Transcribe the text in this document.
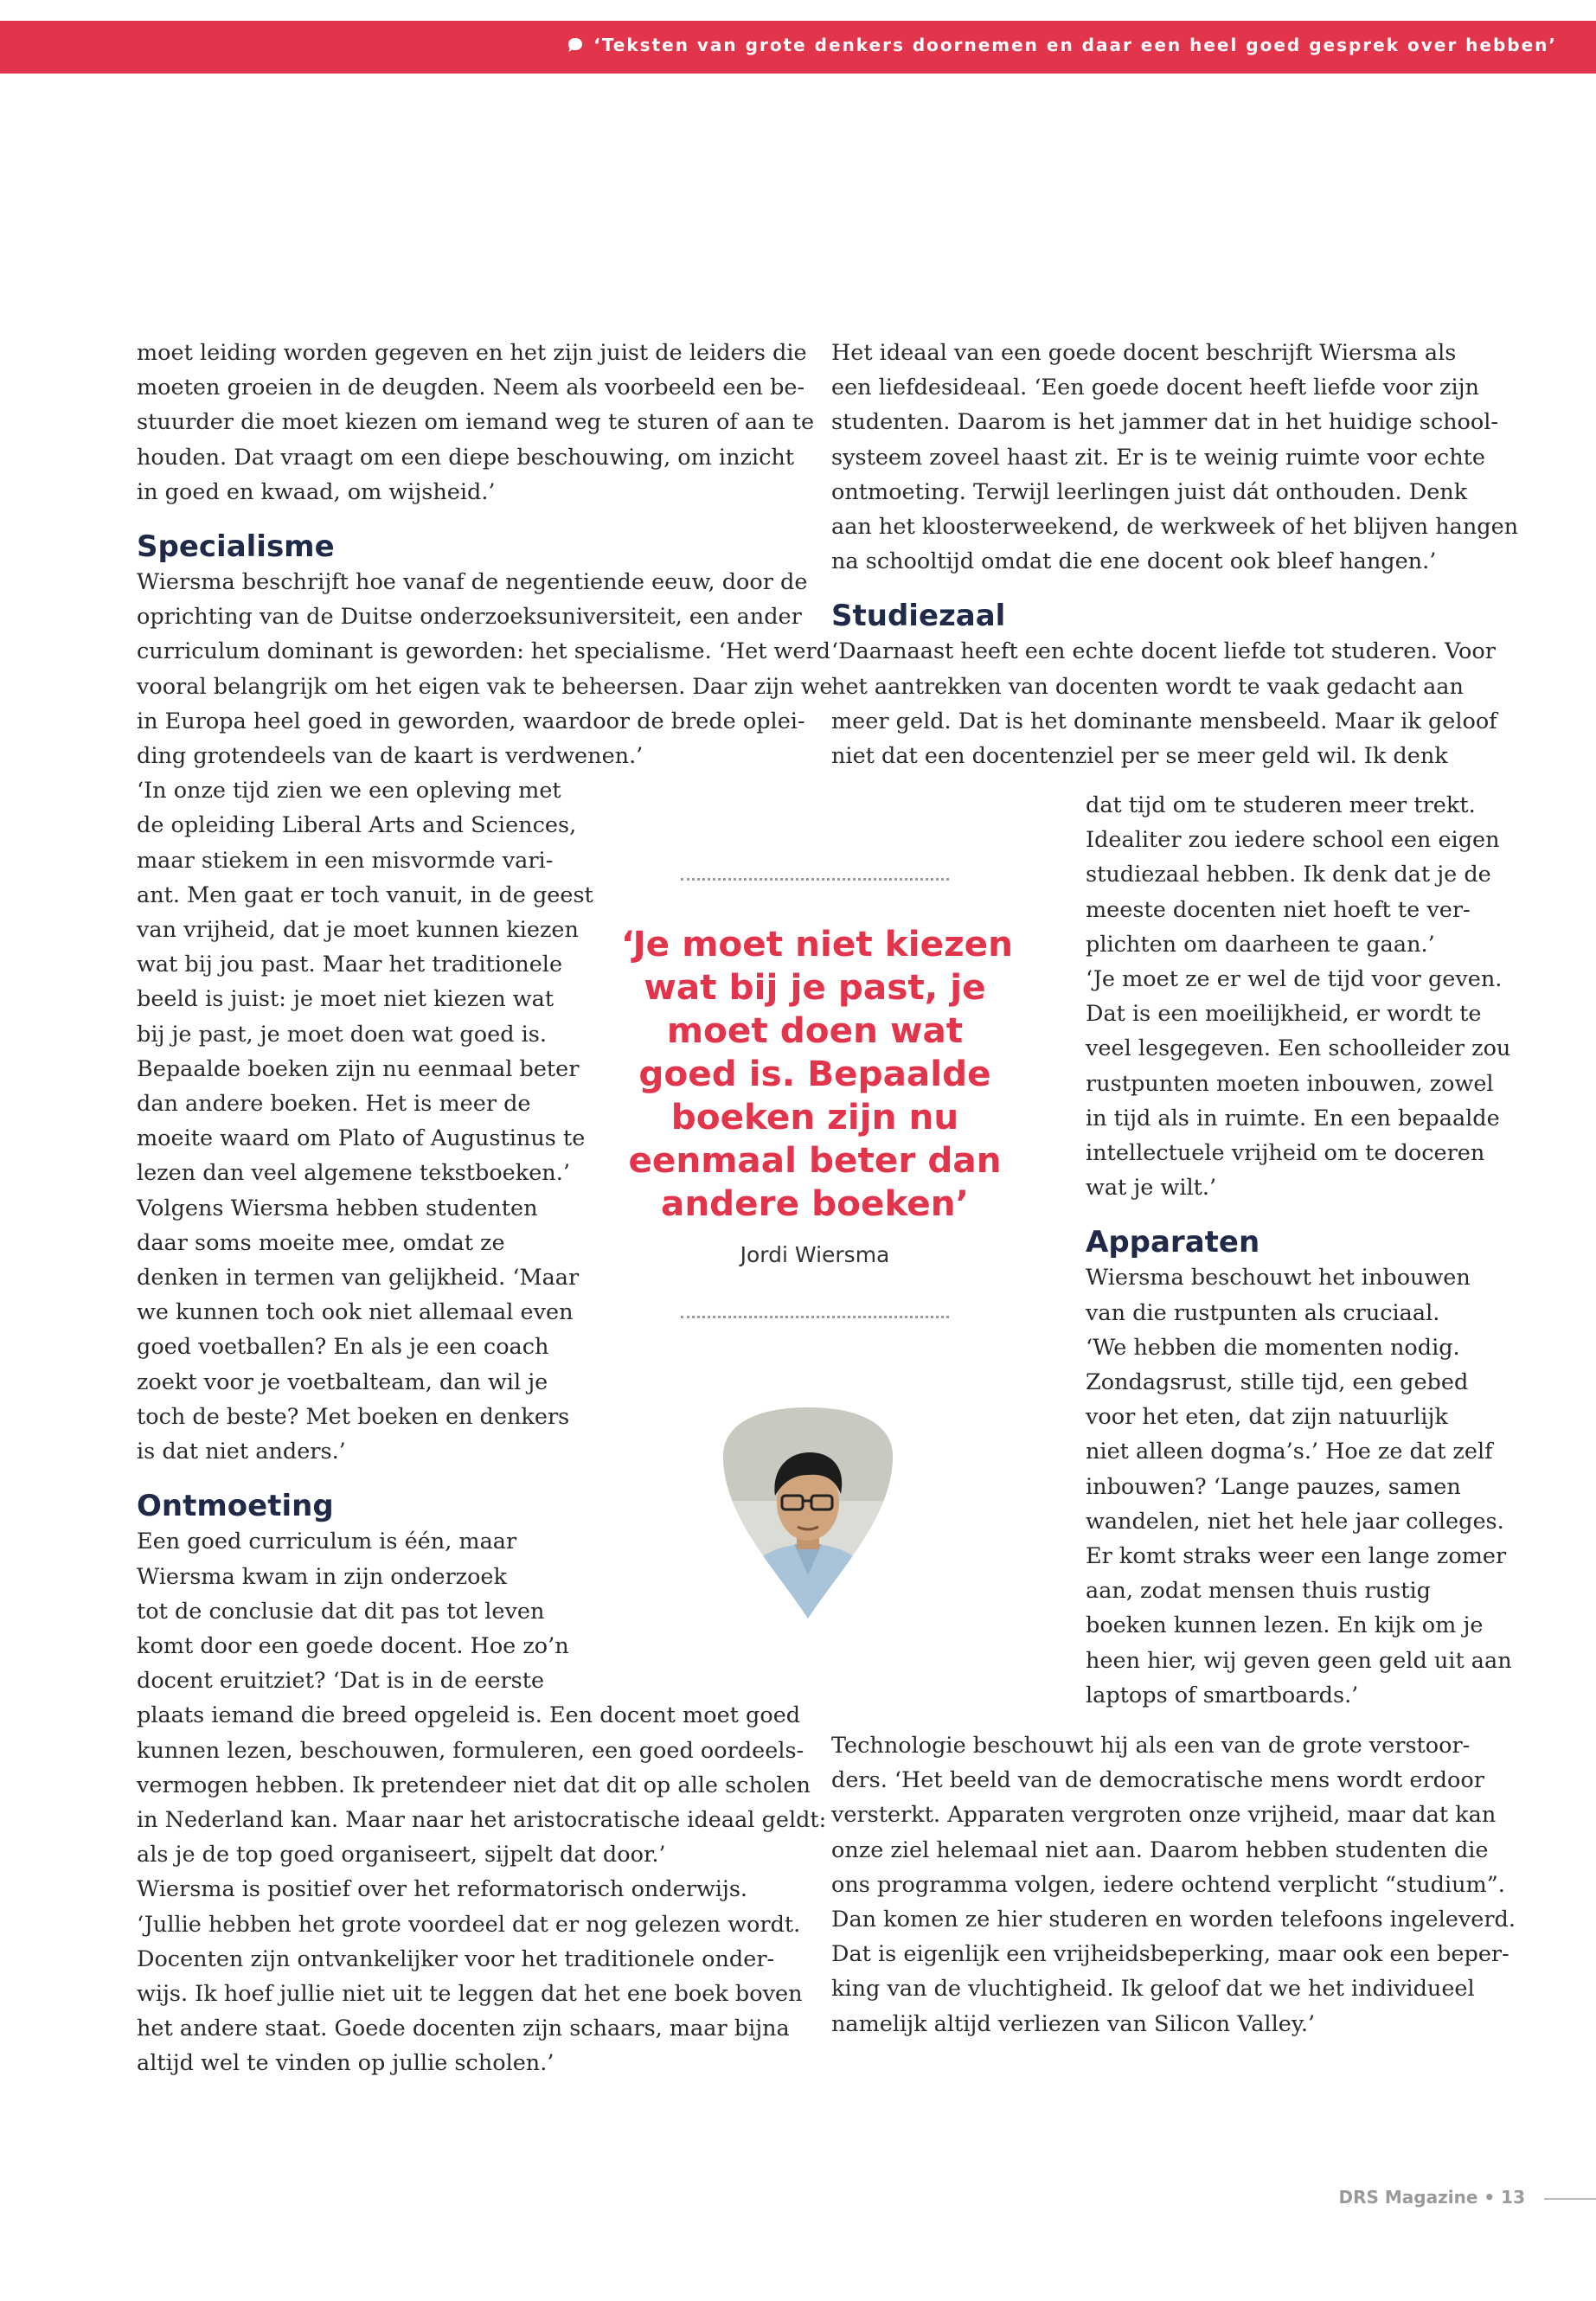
‘Teksten van grote denkers doornemen en daar een heel goed gesprek over hebben’

moet leiding worden gegeven en het zijn juist de leiders die

moeten groeien in de deugden. Neem als voorbeeld een be-

stuurder die moet kiezen om iemand weg te sturen of aan te

houden. Dat vraagt om een diepe beschouwing, om inzicht

in goed en kwaad, om wijsheid.’

Specialisme

Wiersma beschrijft hoe vanaf de negentiende eeuw, door de

oprichting van de Duitse onderzoeksuniversiteit, een ander

curriculum dominant is geworden: het specialisme. ‘Het werd

vooral belangrijk om het eigen vak te beheersen. Daar zijn we

in Europa heel goed in geworden, waardoor de brede oplei-

ding grotendeels van de kaart is verdwenen.’

‘In onze tijd zien we een opleving met

de opleiding Liberal Arts and Sciences,

maar stiekem in een misvormde vari-

ant. Men gaat er toch vanuit, in de geest

van vrijheid, dat je moet kunnen kiezen

wat bij jou past. Maar het traditionele

beeld is juist: je moet niet kiezen wat

bij je past, je moet doen wat goed is.

Bepaalde boeken zijn nu eenmaal beter

dan andere boeken. Het is meer de

moeite waard om Plato of Augustinus te

lezen dan veel algemene tekstboeken.’

Volgens Wiersma hebben studenten

daar soms moeite mee, omdat ze

denken in termen van gelijkheid. ‘Maar

we kunnen toch ook niet allemaal even

goed voetballen? En als je een coach

zoekt voor je voetbalteam, dan wil je

toch de beste? Met boeken en denkers

is dat niet anders.’

Ontmoeting

Een goed curriculum is één, maar

Wiersma kwam in zijn onderzoek

tot de conclusie dat dit pas tot leven

komt door een goede docent. Hoe zo’n

docent eruitziet? ‘Dat is in de eerste

plaats iemand die breed opgeleid is. Een docent moet goed

kunnen lezen, beschouwen, formuleren, een goed oordeels-

vermogen hebben. Ik pretendeer niet dat dit op alle scholen

in Nederland kan. Maar naar het aristocratische ideaal geldt:

als je de top goed organiseert, sijpelt dat door.’

Wiersma is positief over het reformatorisch onderwijs.

‘Jullie hebben het grote voordeel dat er nog gelezen wordt.

Docenten zijn ontvankelijker voor het traditionele onder-

wijs. Ik hoef jullie niet uit te leggen dat het ene boek boven

het andere staat. Goede docenten zijn schaars, maar bijna

altijd wel te vinden op jullie scholen.’

Het ideaal van een goede docent beschrijft Wiersma als

een liefdesideaal. ‘Een goede docent heeft liefde voor zijn

studenten. Daarom is het jammer dat in het huidige school-

systeem zoveel haast zit. Er is te weinig ruimte voor echte

ontmoeting. Terwijl leerlingen juist dát onthouden. Denk

aan het kloosterweekend, de werkweek of het blijven hangen

na schooltijd omdat die ene docent ook bleef hangen.’

Studiezaal

‘Daarnaast heeft een echte docent liefde tot studeren. Voor

het aantrekken van docenten wordt te vaak gedacht aan

meer geld. Dat is het dominante mensbeeld. Maar ik geloof

niet dat een docentenziel per se meer geld wil. Ik denk

dat tijd om te studeren meer trekt.

Idealiter zou iedere school een eigen

studiezaal hebben. Ik denk dat je de

meeste docenten niet hoeft te ver-

plichten om daarheen te gaan.’

‘Je moet ze er wel de tijd voor geven.

Dat is een moeilijkheid, er wordt te

veel lesgegeven. Een schoolleider zou

rustpunten moeten inbouwen, zowel

in tijd als in ruimte. En een bepaalde

intellectuele vrijheid om te doceren

wat je wilt.’

Apparaten

Wiersma beschouwt het inbouwen

van die rustpunten als cruciaal.

‘We hebben die momenten nodig.

Zondagsrust, stille tijd, een gebed

voor het eten, dat zijn natuurlijk

niet alleen dogma’s.’ Hoe ze dat zelf

inbouwen? ‘Lange pauzes, samen

wandelen, niet het hele jaar colleges.

Er komt straks weer een lange zomer

aan, zodat mensen thuis rustig

boeken kunnen lezen. En kijk om je

heen hier, wij geven geen geld uit aan

laptops of smartboards.’

Technologie beschouwt hij als een van de grote verstoor-

ders. ‘Het beeld van de democratische mens wordt erdoor

versterkt. Apparaten vergroten onze vrijheid, maar dat kan

onze ziel helemaal niet aan. Daarom hebben studenten die

ons programma volgen, iedere ochtend verplicht “studium”.

Dan komen ze hier studeren en worden telefoons ingeleverd.

Dat is eigenlijk een vrijheidsbeperking, maar ook een beper-

king van de vluchtigheid. Ik geloof dat we het individueel

namelijk altijd verliezen van Silicon Valley.’

‘Je moet niet kiezen
wat bij je past, je
moet doen wat
goed is. Bepaalde
boeken zijn nu
eenmaal beter dan
andere boeken’
Jordi Wiersma
DRS Magazine • 13
